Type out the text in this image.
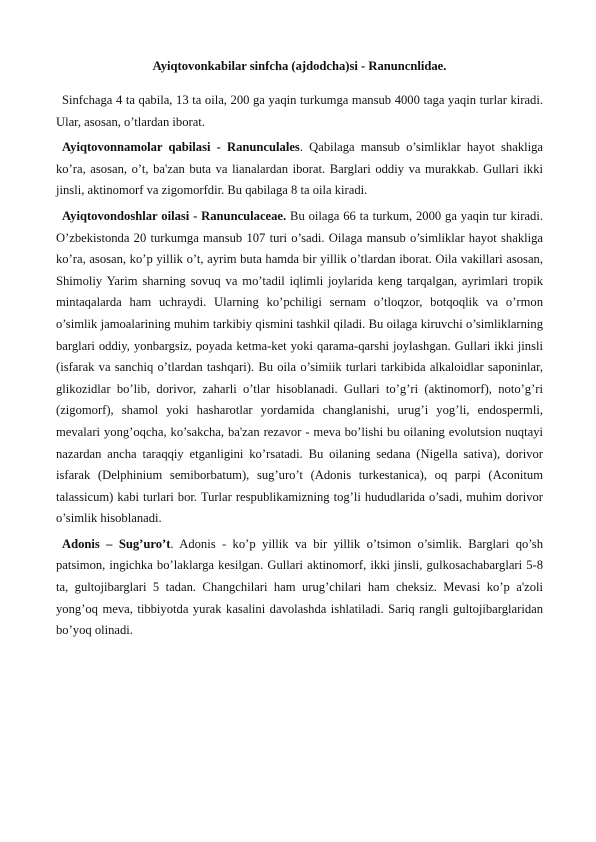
Ayiqtovonkabilar sinfcha (ajdodcha)si - Ranuncnlidae.

Sinfchaga 4 ta qabila, 13 ta oila, 200 ga yaqin turkumga mansub 4000 taga yaqin turlar kiradi. Ular, asosan, o’tlardan iborat.

Ayiqtovonnamolar qabilasi - Ranunculales. Qabilaga mansub o’simliklar hayot shakliga ko’ra, asosan, o’t, ba'zan buta va lianalardan iborat. Barglari oddiy va murakkab. Gullari ikki jinsli, aktinomorf va zigomorfdir. Bu qabilaga 8 ta oila kiradi.

Ayiqtovondoshlar oilasi - Ranunculaceae. Bu oilaga 66 ta turkum, 2000 ga yaqin tur kiradi. O’zbekistonda 20 turkumga mansub 107 turi o’sadi. Oilaga mansub o’simliklar hayot shakliga ko’ra, asosan, ko’p yillik o’t, ayrim buta hamda bir yillik o’tlardan iborat. Oila vakillari asosan, Shimoliy Yarim sharning sovuq va mo’tadil iqlimli joylarida keng tarqalgan, ayrimlari tropik mintaqalarda ham uchraydi. Ularning ko’pchiligi sernam o’tloqzor, botqoqlik va o’rmon o’simlik jamoalarining muhim tarkibiy qismini tashkil qiladi. Bu oilaga kiruvchi o’simliklarning barglari oddiy, yonbargsiz, poyada ketma-ket yoki qarama-qarshi joylashgan. Gullari ikki jinsli (isfarak va sanchiq o’tlardan tashqari). Bu oila o’simiik turlari tarkibida alkaloidlar saponinlar, glikozidlar bo’lib, dorivor, zaharli o’tlar hisoblanadi. Gullari to’g’ri (aktinomorf), noto’g’ri (zigomorf), shamol yoki hasharotlar yordamida changlanishi, urug’i yog’li, endospermli, mevalari yong’oqcha, ko’sakcha, ba'zan rezavor - meva bo’lishi bu oilaning evolutsion nuqtayi nazardan ancha taraqqiy etganligini ko’rsatadi. Bu oilaning sedana (Nigella sativa), dorivor isfarak (Delphinium semiborbatum), sug’uro’t (Adonis turkestanica), oq parpi (Aconitum talassicum) kabi turlari bor. Turlar respublikamizning tog’li hududlarida o’sadi, muhim dorivor o’simlik hisoblanadi.

Adonis – Sug’uro’t. Adonis - ko’p yillik va bir yillik o’tsimon o’simlik. Barglari qo’sh patsimon, ingichka bo’laklarga kesilgan. Gullari aktinomorf, ikki jinsli, gulkosachabarglari 5-8 ta, gultojibarglari 5 tadan. Changchilari ham urug’chilari ham cheksiz. Mevasi ko’p a'zoli yong’oq meva, tibbiyotda yurak kasalini davolashda ishlatiladi. Sariq rangli gultojibarglaridan bo’yoq olinadi.
